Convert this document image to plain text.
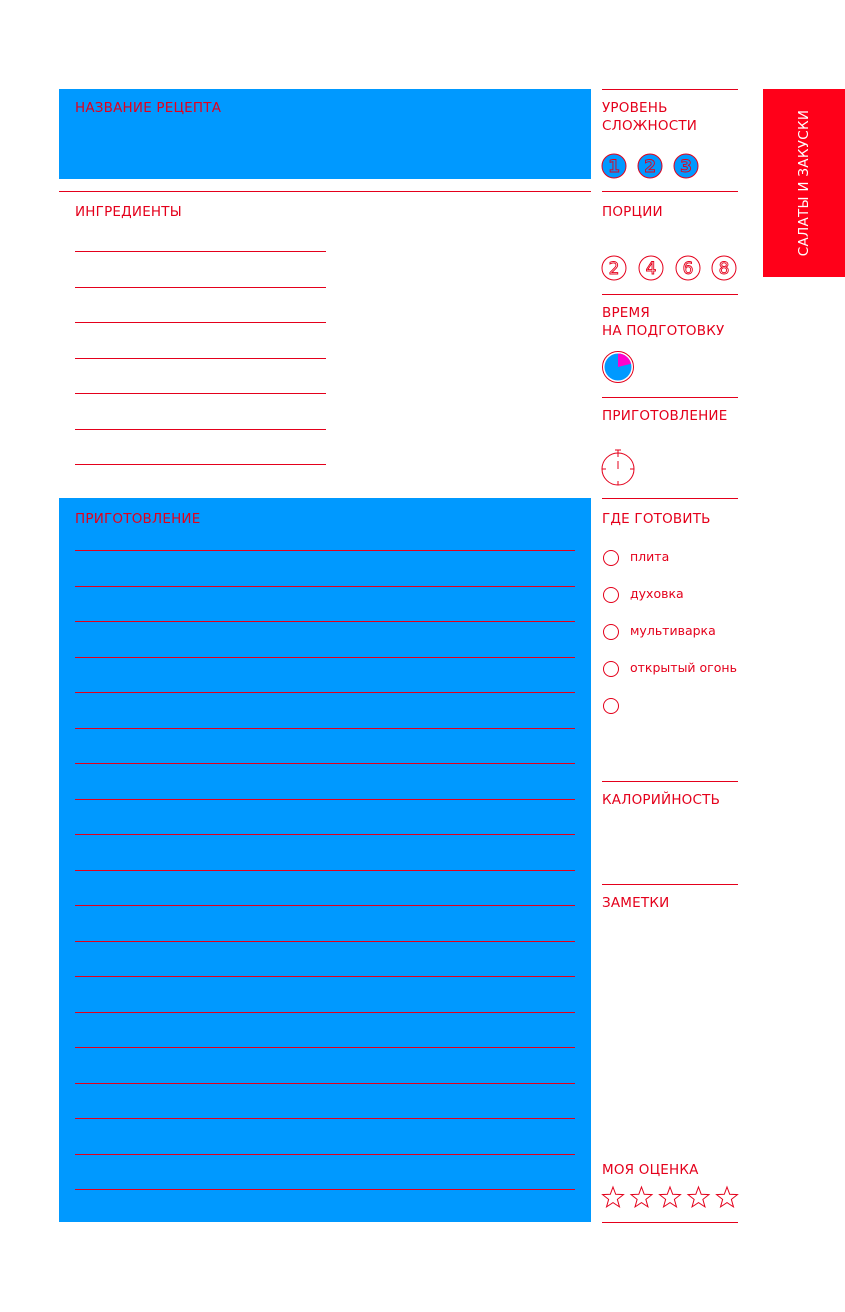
НАЗВАНИЕ РЕЦЕПТА
ИНГРЕДИЕНТЫ
ПРИГОТОВЛЕНИЕ
УРОВЕНЬ
СЛОЖНОСТИ
1 2 3
ПОРЦИИ
2 4 6 8
ВРЕМЯ
НА ПОДГОТОВКУ
ПРИГОТОВЛЕНИЕ
ГДЕ ГОТОВИТЬ
плита
духовка
мультиварка
открытый огонь
КАЛОРИЙНОСТЬ
ЗАМЕТКИ
МОЯ ОЦЕНКА
САЛАТЫ И ЗАКУСКИ
